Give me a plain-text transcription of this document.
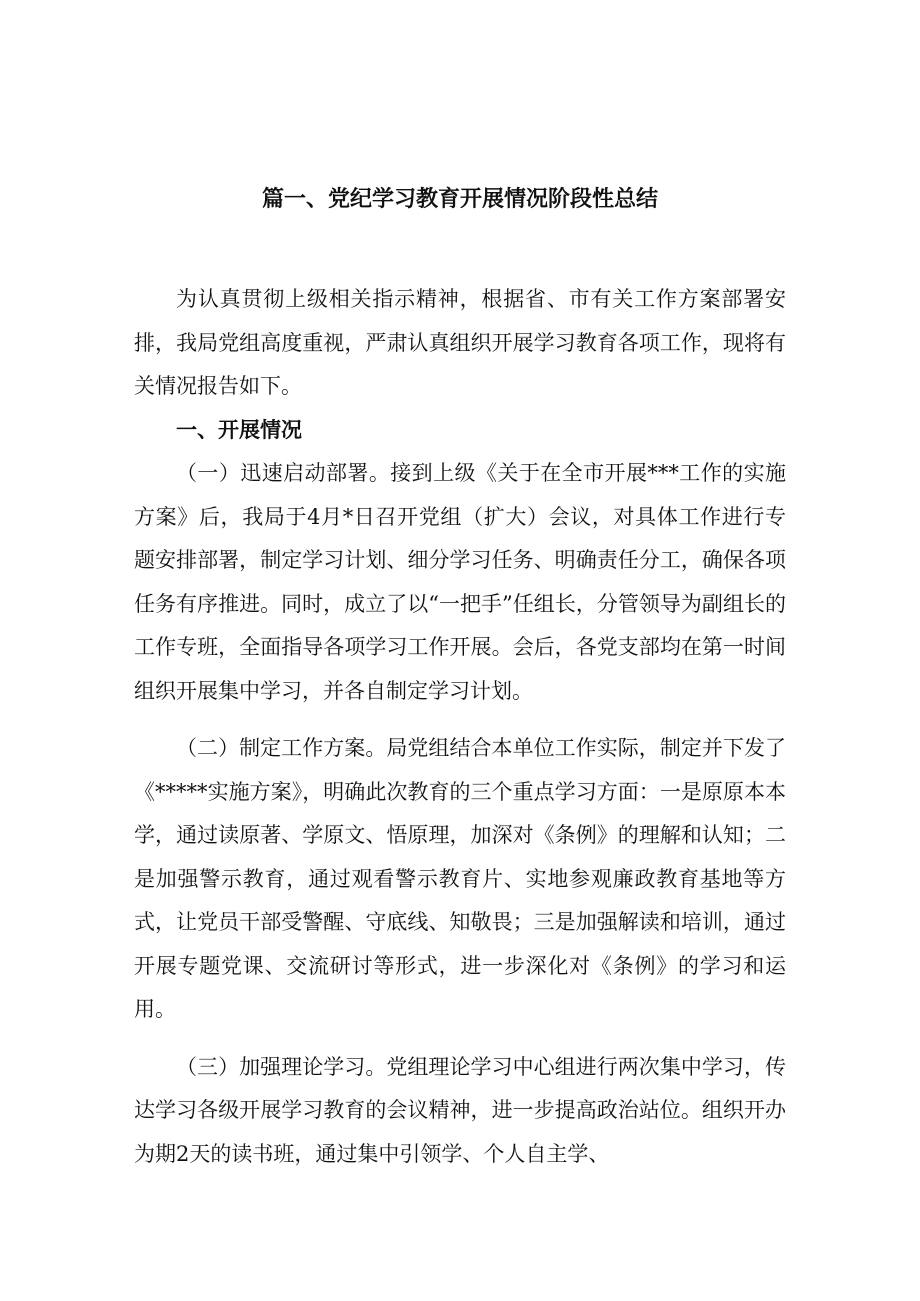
篇一、党纪学习教育开展情况阶段性总结

为认真贯彻上级相关指示精神，根据省、市有关工作方案部署安排，我局党组高度重视，严肃认真组织开展学习教育各项工作，现将有关情况报告如下。

一、开展情况

（一）迅速启动部署。接到上级《关于在全市开展***工作的实施方案》后，我局于4月*日召开党组（扩大）会议，对具体工作进行专题安排部署，制定学习计划、细分学习任务、明确责任分工，确保各项任务有序推进。同时，成立了以“一把手”任组长，分管领导为副组长的工作专班，全面指导各项学习工作开展。会后，各党支部均在第一时间组织开展集中学习，并各自制定学习计划。

（二）制定工作方案。局党组结合本单位工作实际，制定并下发了《*****实施方案》，明确此次教育的三个重点学习方面：一是原原本本学，通过读原著、学原文、悟原理，加深对《条例》的理解和认知；二是加强警示教育，通过观看警示教育片、实地参观廉政教育基地等方式，让党员干部受警醒、守底线、知敬畏；三是加强解读和培训，通过开展专题党课、交流研讨等形式，进一步深化对《条例》的学习和运用。

（三）加强理论学习。党组理论学习中心组进行两次集中学习，传达学习各级开展学习教育的会议精神，进一步提高政治站位。组织开办为期2天的读书班，通过集中引领学、个人自主学、
